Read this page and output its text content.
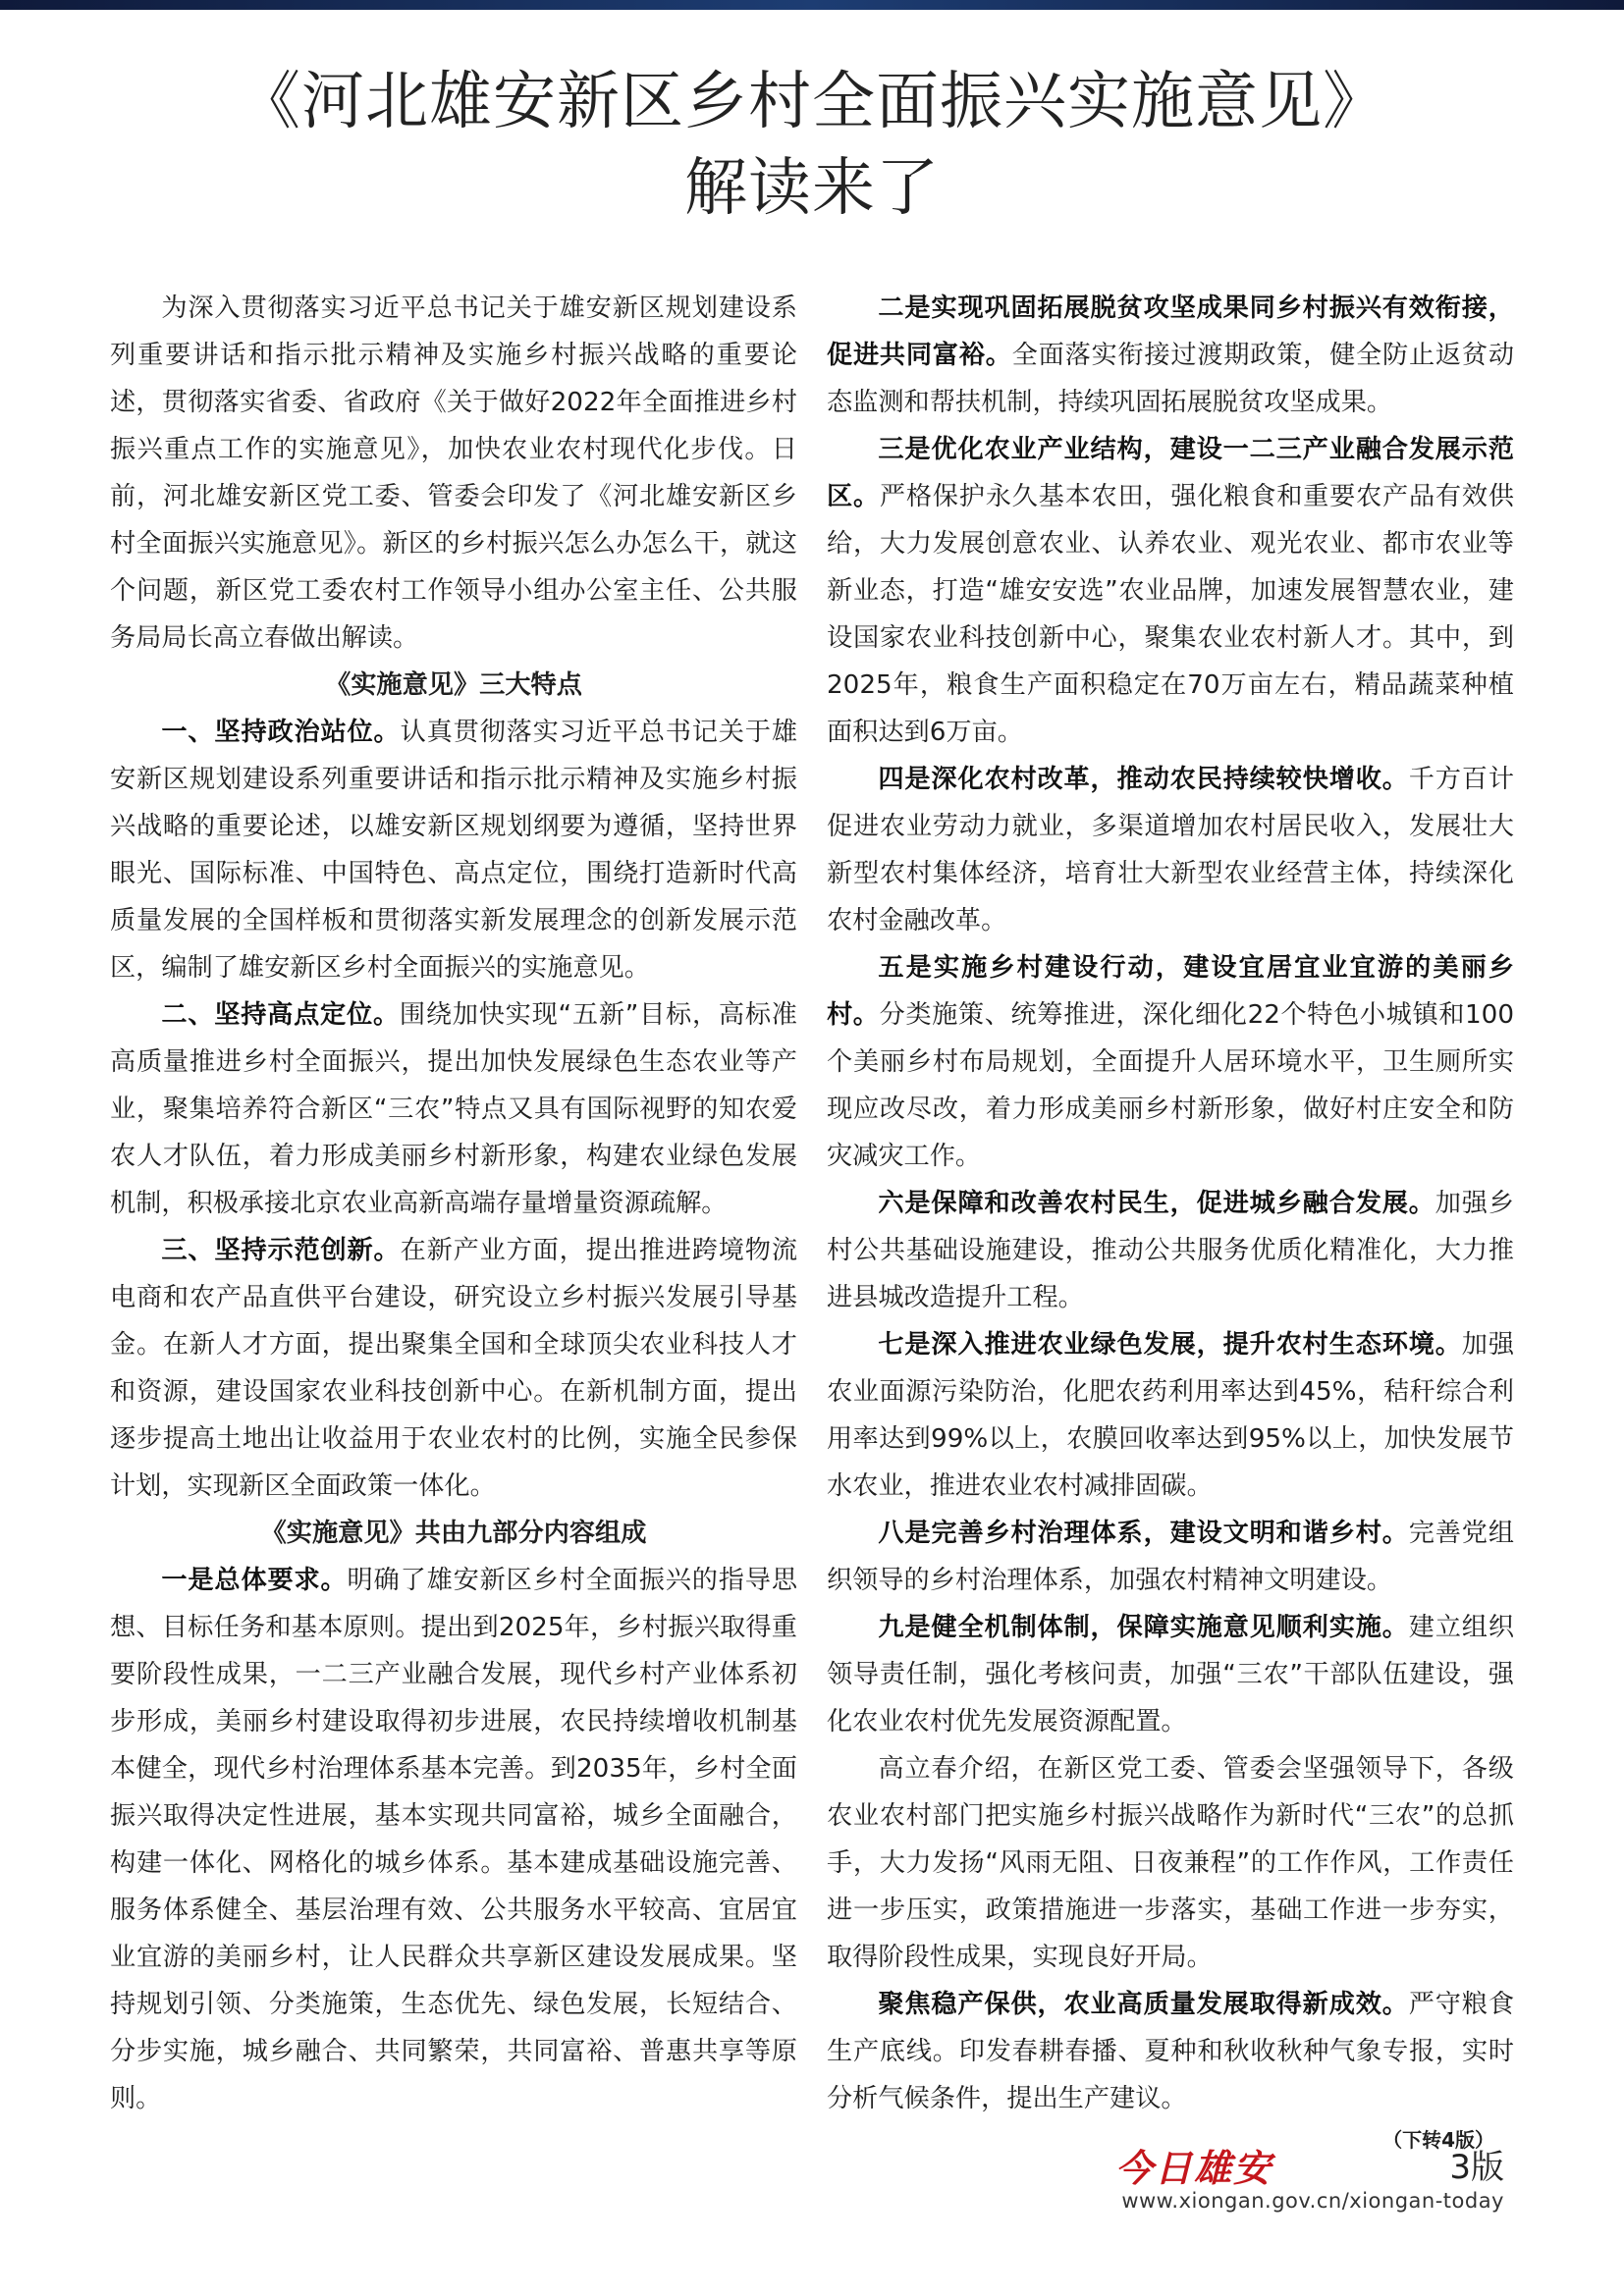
《河北雄安新区乡村全面振兴实施意见》
解读来了

为深入贯彻落实习近平总书记关于雄安新区规划建设系列重要讲话和指示批示精神及实施乡村振兴战略的重要论述，贯彻落实省委、省政府《关于做好2022年全面推进乡村振兴重点工作的实施意见》，加快农业农村现代化步伐。日前，河北雄安新区党工委、管委会印发了《河北雄安新区乡村全面振兴实施意见》。新区的乡村振兴怎么办怎么干，就这个问题，新区党工委农村工作领导小组办公室主任、公共服务局局长高立春做出解读。

《实施意见》三大特点

一、坚持政治站位。认真贯彻落实习近平总书记关于雄安新区规划建设系列重要讲话和指示批示精神及实施乡村振兴战略的重要论述，以雄安新区规划纲要为遵循，坚持世界眼光、国际标准、中国特色、高点定位，围绕打造新时代高质量发展的全国样板和贯彻落实新发展理念的创新发展示范区，编制了雄安新区乡村全面振兴的实施意见。

二、坚持高点定位。围绕加快实现“五新”目标，高标准高质量推进乡村全面振兴，提出加快发展绿色生态农业等产业，聚集培养符合新区“三农”特点又具有国际视野的知农爱农人才队伍，着力形成美丽乡村新形象，构建农业绿色发展机制，积极承接北京农业高新高端存量增量资源疏解。

三、坚持示范创新。在新产业方面，提出推进跨境物流电商和农产品直供平台建设，研究设立乡村振兴发展引导基金。在新人才方面，提出聚集全国和全球顶尖农业科技人才和资源，建设国家农业科技创新中心。在新机制方面，提出逐步提高土地出让收益用于农业农村的比例，实施全民参保计划，实现新区全面政策一体化。

《实施意见》共由九部分内容组成

一是总体要求。明确了雄安新区乡村全面振兴的指导思想、目标任务和基本原则。提出到2025年，乡村振兴取得重要阶段性成果，一二三产业融合发展，现代乡村产业体系初步形成，美丽乡村建设取得初步进展，农民持续增收机制基本健全，现代乡村治理体系基本完善。到2035年，乡村全面振兴取得决定性进展，基本实现共同富裕，城乡全面融合，构建一体化、网格化的城乡体系。基本建成基础设施完善、服务体系健全、基层治理有效、公共服务水平较高、宜居宜业宜游的美丽乡村，让人民群众共享新区建设发展成果。坚持规划引领、分类施策，生态优先、绿色发展，长短结合、分步实施，城乡融合、共同繁荣，共同富裕、普惠共享等原则。

二是实现巩固拓展脱贫攻坚成果同乡村振兴有效衔接，促进共同富裕。全面落实衔接过渡期政策，健全防止返贫动态监测和帮扶机制，持续巩固拓展脱贫攻坚成果。

三是优化农业产业结构，建设一二三产业融合发展示范区。严格保护永久基本农田，强化粮食和重要农产品有效供给，大力发展创意农业、认养农业、观光农业、都市农业等新业态，打造“雄安安选”农业品牌，加速发展智慧农业，建设国家农业科技创新中心，聚集农业农村新人才。其中，到2025年，粮食生产面积稳定在70万亩左右，精品蔬菜种植面积达到6万亩。

四是深化农村改革，推动农民持续较快增收。千方百计促进农业劳动力就业，多渠道增加农村居民收入，发展壮大新型农村集体经济，培育壮大新型农业经营主体，持续深化农村金融改革。

五是实施乡村建设行动，建设宜居宜业宜游的美丽乡村。分类施策、统筹推进，深化细化22个特色小城镇和100个美丽乡村布局规划，全面提升人居环境水平，卫生厕所实现应改尽改，着力形成美丽乡村新形象，做好村庄安全和防灾减灾工作。

六是保障和改善农村民生，促进城乡融合发展。加强乡村公共基础设施建设，推动公共服务优质化精准化，大力推进县城改造提升工程。

七是深入推进农业绿色发展，提升农村生态环境。加强农业面源污染防治，化肥农药利用率达到45%，秸秆综合利用率达到99%以上，农膜回收率达到95%以上，加快发展节水农业，推进农业农村减排固碳。

八是完善乡村治理体系，建设文明和谐乡村。完善党组织领导的乡村治理体系，加强农村精神文明建设。

九是健全机制体制，保障实施意见顺利实施。建立组织领导责任制，强化考核问责，加强“三农”干部队伍建设，强化农业农村优先发展资源配置。

高立春介绍，在新区党工委、管委会坚强领导下，各级农业农村部门把实施乡村振兴战略作为新时代“三农”的总抓手，大力发扬“风雨无阻、日夜兼程”的工作作风，工作责任进一步压实，政策措施进一步落实，基础工作进一步夯实，取得阶段性成果，实现良好开局。

聚焦稳产保供，农业高质量发展取得新成效。严守粮食生产底线。印发春耕春播、夏种和秋收秋种气象专报，实时分析气候条件，提出生产建议。

（下转4版）

今日雄安	3版
www.xiongan.gov.cn/xiongan-today
